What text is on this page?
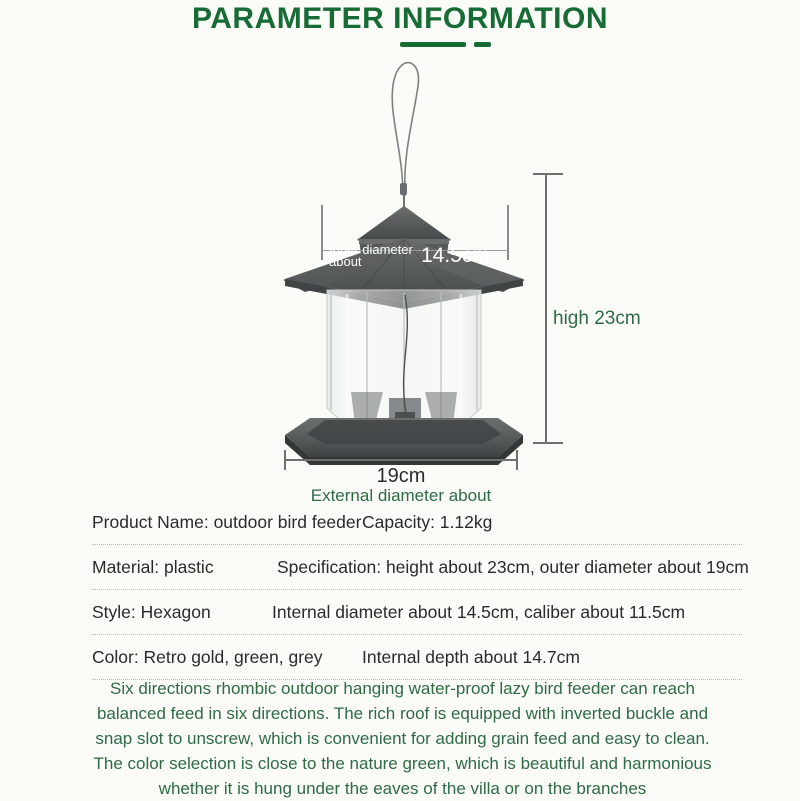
PARAMETER INFORMATION
Inner diameter about	14.5cm
high 23cm
19cm
External diameter about
Product Name: outdoor bird feeder Capacity: 1.12kg
Material: plastic	Specification: height about 23cm, outer diameter about 19cm
Style: Hexagon	Internal diameter about 14.5cm, caliber about 11.5cm
Color: Retro gold, green, grey	Internal depth about 14.7cm
Six directions rhombic outdoor hanging water-proof lazy bird feeder can reach balanced feed in six directions. The rich roof is equipped with inverted buckle and snap slot to unscrew, which is convenient for adding grain feed and easy to clean. The color selection is close to the nature green, which is beautiful and harmonious whether it is hung under the eaves of the villa or on the branches
